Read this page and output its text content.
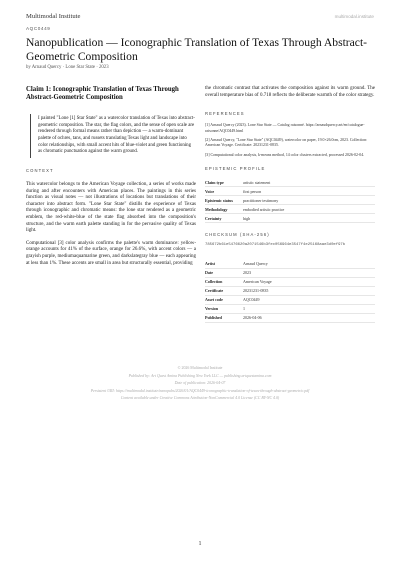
Multimodal Institute	multimodal.institute
AQC0449
Nanopublication — Iconographic Translation of Texas Through Abstract-Geometric Composition
by Arnaud Quercy · Lone Star State · 2023
Claim 1: Iconographic Translation of Texas Through Abstract-Geometric Composition
I painted "Lone [1] Star State" as a watercolor translation of Texas into abstract-geometric composition. The star, the flag colors, and the sense of open scale are rendered through formal means rather than depiction — a warm-dominant palette of ochres, tans, and russets translating Texas light and landscape into color relationships, with small accent hits of blue-violet and green functioning as chromatic punctuation against the warm ground.
CONTEXT

This watercolor belongs to the American Voyage collection, a series of works made during and after encounters with American places. The paintings in this series function as visual notes — not illustrations of locations but translations of their character into abstract form. "Lone Star State" distills the experience of Texas through iconographic and chromatic means: the lone star rendered as a geometric emblem, the red-white-blue of the state flag absorbed into the composition's structure, and the warm earth palette standing in for the pervasive quality of Texas light.

Computational [3] color analysis confirms the palette's warm dominance: yellow-orange accounts for 41% of the surface, orange for 26.6%, with accent colors — a grayish purple, mediumaquamarine green, and darkslategray blue — each appearing at less than 1%. These accents are small in area but structurally essential, providing

the chromatic contrast that activates the composition against its warm ground. The overall temperature bias of 0.718 reflects the deliberate warmth of the color strategy.

REFERENCES
[1] Arnaud Quercy (2023). Lone Star State — Catalog raisonné. https://arnaudquercy.art/en/catalogue-raisonne/AQC0449.html
[2] Arnaud Quercy, "Lone Star State" (AQC0449), watercolor on paper, 19.0×26.0cm, 2023. Collection: American Voyage. Certificate: 20231231-0835.
[3] Computational color analysis, k-means method, 14 color clusters extracted, processed 2026-02-04.
EPISTEMIC PROFILE
Claim type	artistic statement
Voice	first person
Epistemic status	practitioner testimony
Methodology	embodied artistic practice
Certainty	high
CHECKSUM (SHA-256)

785672b61e5476620a2071546b3fec056964e3547f4e25168aae3d0ef97b

Artist	Arnaud Quercy
Date	2023
Collection	American Voyage
Certificate	20231231-0835
Asset code	AQC0449
Version	1
Published	2026-04-06

© 2026 Multimodal Institute

Published by: Art Quest Amina Publishing New York LLC — publishing.artquestamina.com

Date of publication: 2026-04-07

Persistent URI: https://multimodal.institute/nanopubs/2026/01/AQC0449-iconographic-translation-of-texas-through-abstract-geometric.pdf

Content available under Creative Commons Attribution-NonCommercial 4.0 License (CC BY-NC 4.0)

1
